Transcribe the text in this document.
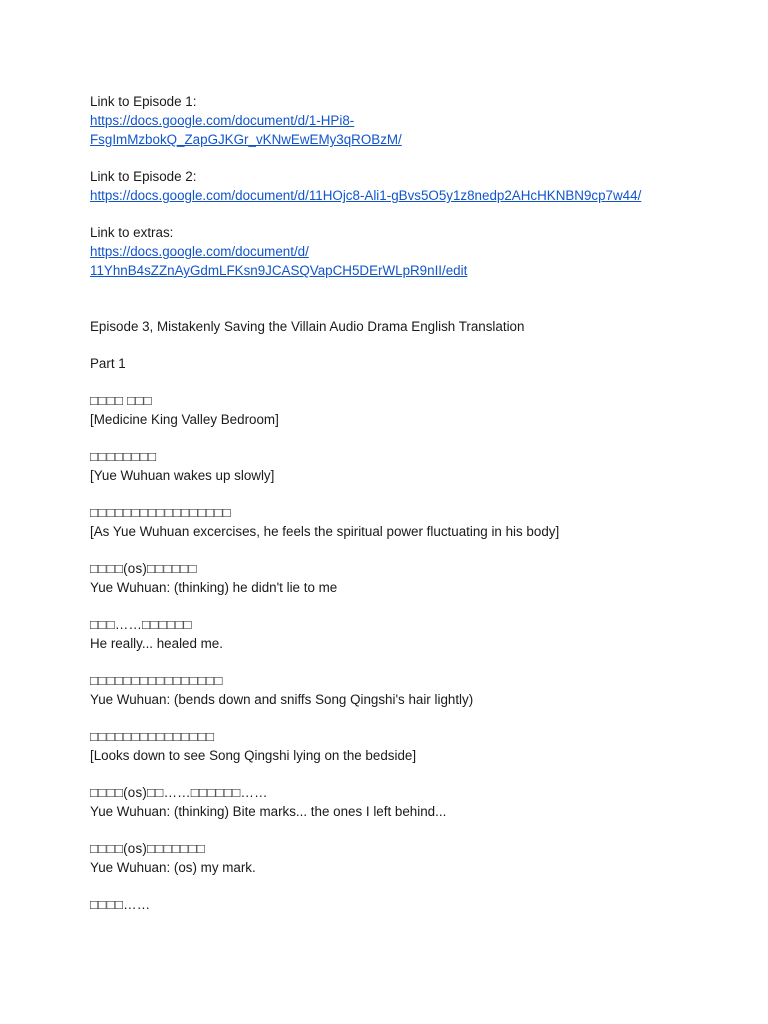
Link to Episode 1:

https://docs.google.com/document/d/1-HPi8-

FsgImMzbokQ_ZapGJKGr_vKNwEwEMy3qROBzM/

Link to Episode 2:

https://docs.google.com/document/d/11HOjc8-Ali1-gBvs5O5y1z8nedp2AHcHKNBN9cp7w44/

Link to extras:

https://docs.google.com/document/d/

11YhnB4sZZnAyGdmLFKsn9JCASQVapCH5DErWLpR9nII/edit

Episode 3, Mistakenly Saving the Villain Audio Drama English Translation

Part 1

□□□□ □□□

[Medicine King Valley Bedroom]

□□□□□□□□

[Yue Wuhuan wakes up slowly]

□□□□□□□□□□□□□□□□□

[As Yue Wuhuan excercises, he feels the spiritual power fluctuating in his body]

□□□□(os)□□□□□□

Yue Wuhuan: (thinking) he didn't lie to me

□□□……□□□□□□

He really... healed me.

□□□□□□□□□□□□□□□□

Yue Wuhuan: (bends down and sniffs Song Qingshi's hair lightly)

□□□□□□□□□□□□□□□

[Looks down to see Song Qingshi lying on the bedside]

□□□□(os)□□……□□□□□□……

Yue Wuhuan: (thinking) Bite marks... the ones I left behind...

□□□□(os)□□□□□□□

Yue Wuhuan: (os) my mark.

□□□□……
